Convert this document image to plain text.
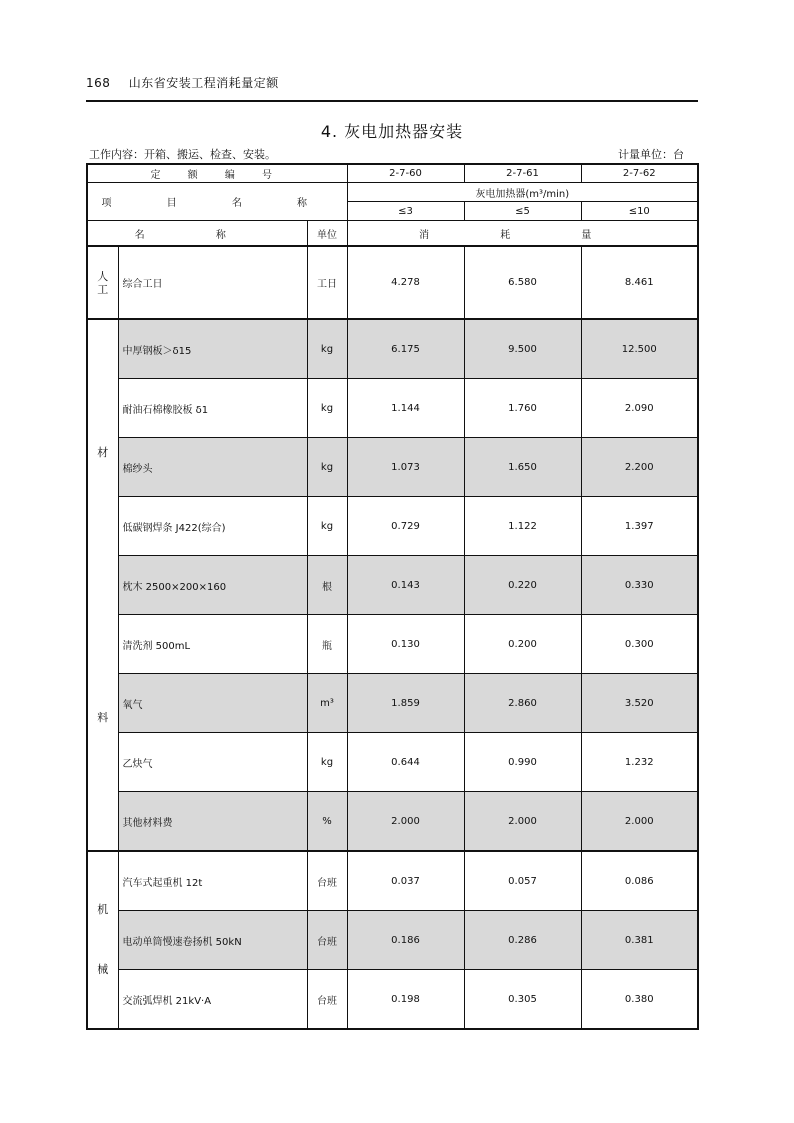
168 山东省安装工程消耗量定额
4. 灰电加热器安装
工作内容：开箱、搬运、检查、安装。	计量单位：台
定 额 编 号			2-7-60	2-7-61	2-7-62
项 目 名 称			灰电加热器(m³/min)		
			≤3	≤5	≤10
名 称		单位	消 耗 量		
人工	综合工日	工日	4.278	6.580	8.461

材
料	中厚钢板＞δ15	kg	6.175	9.500	12.500
	耐油石棉橡胶板 δ1	kg	1.144	1.760	2.090
	棉纱头	kg	1.073	1.650	2.200
	低碳钢焊条 J422(综合)	kg	0.729	1.122	1.397
	枕木 2500×200×160	根	0.143	0.220	0.330
	清洗剂 500mL	瓶	0.130	0.200	0.300
	氧气	m³	1.859	2.860	3.520
	乙炔气	kg	0.644	0.990	1.232
	其他材料费	%	2.000	2.000	2.000

机
械	汽车式起重机 12t	台班	0.037	0.057	0.086
	电动单筒慢速卷扬机 50kN	台班	0.186	0.286	0.381
	交流弧焊机 21kV·A	台班	0.198	0.305	0.380
